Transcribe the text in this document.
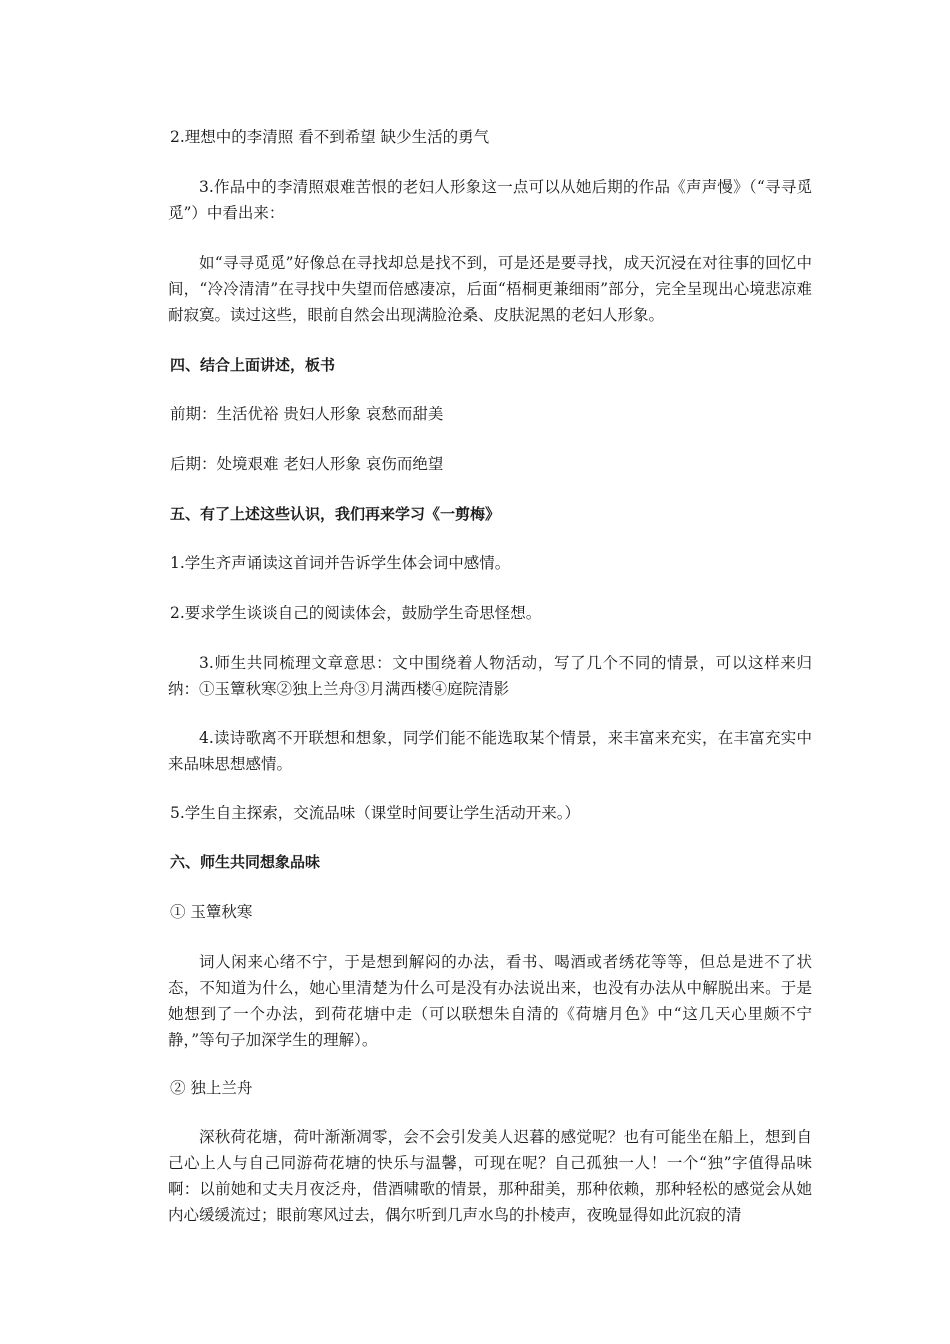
2.理想中的李清照 看不到希望 缺少生活的勇气

3.作品中的李清照艰难苦恨的老妇人形象这一点可以从她后期的作品《声声慢》（“寻寻觅觅”）中看出来：

如“寻寻觅觅”好像总在寻找却总是找不到，可是还是要寻找，成天沉浸在对往事的回忆中间，“冷冷清清”在寻找中失望而倍感凄凉，后面“梧桐更兼细雨”部分，完全呈现出心境悲凉难耐寂寞。读过这些，眼前自然会出现满脸沧桑、皮肤泥黑的老妇人形象。

四、结合上面讲述，板书

前期：生活优裕 贵妇人形象 哀愁而甜美

后期：处境艰难 老妇人形象 哀伤而绝望

五、有了上述这些认识，我们再来学习《一剪梅》

1.学生齐声诵读这首词并告诉学生体会词中感情。

2.要求学生谈谈自己的阅读体会，鼓励学生奇思怪想。

3.师生共同梳理文章意思：文中围绕着人物活动，写了几个不同的情景，可以这样来归纳：①玉簟秋寒②独上兰舟③月满西楼④庭院清影

4.读诗歌离不开联想和想象，同学们能不能选取某个情景，来丰富来充实，在丰富充实中来品味思想感情。

5.学生自主探索，交流品味（课堂时间要让学生活动开来。）

六、师生共同想象品味

① 玉簟秋寒

词人闲来心绪不宁，于是想到解闷的办法，看书、喝酒或者绣花等等，但总是进不了状态，不知道为什么，她心里清楚为什么可是没有办法说出来，也没有办法从中解脱出来。于是她想到了一个办法，到荷花塘中走（可以联想朱自清的《荷塘月色》中“这几天心里颇不宁静，”等句子加深学生的理解）。

② 独上兰舟

深秋荷花塘，荷叶渐渐凋零，会不会引发美人迟暮的感觉呢？也有可能坐在船上，想到自己心上人与自己同游荷花塘的快乐与温馨，可现在呢？自己孤独一人！一个“独”字值得品味啊：以前她和丈夫月夜泛舟，借酒啸歌的情景，那种甜美，那种依赖，那种轻松的感觉会从她内心缓缓流过；眼前寒风过去，偶尔听到几声水鸟的扑棱声，夜晚显得如此沉寂的清
